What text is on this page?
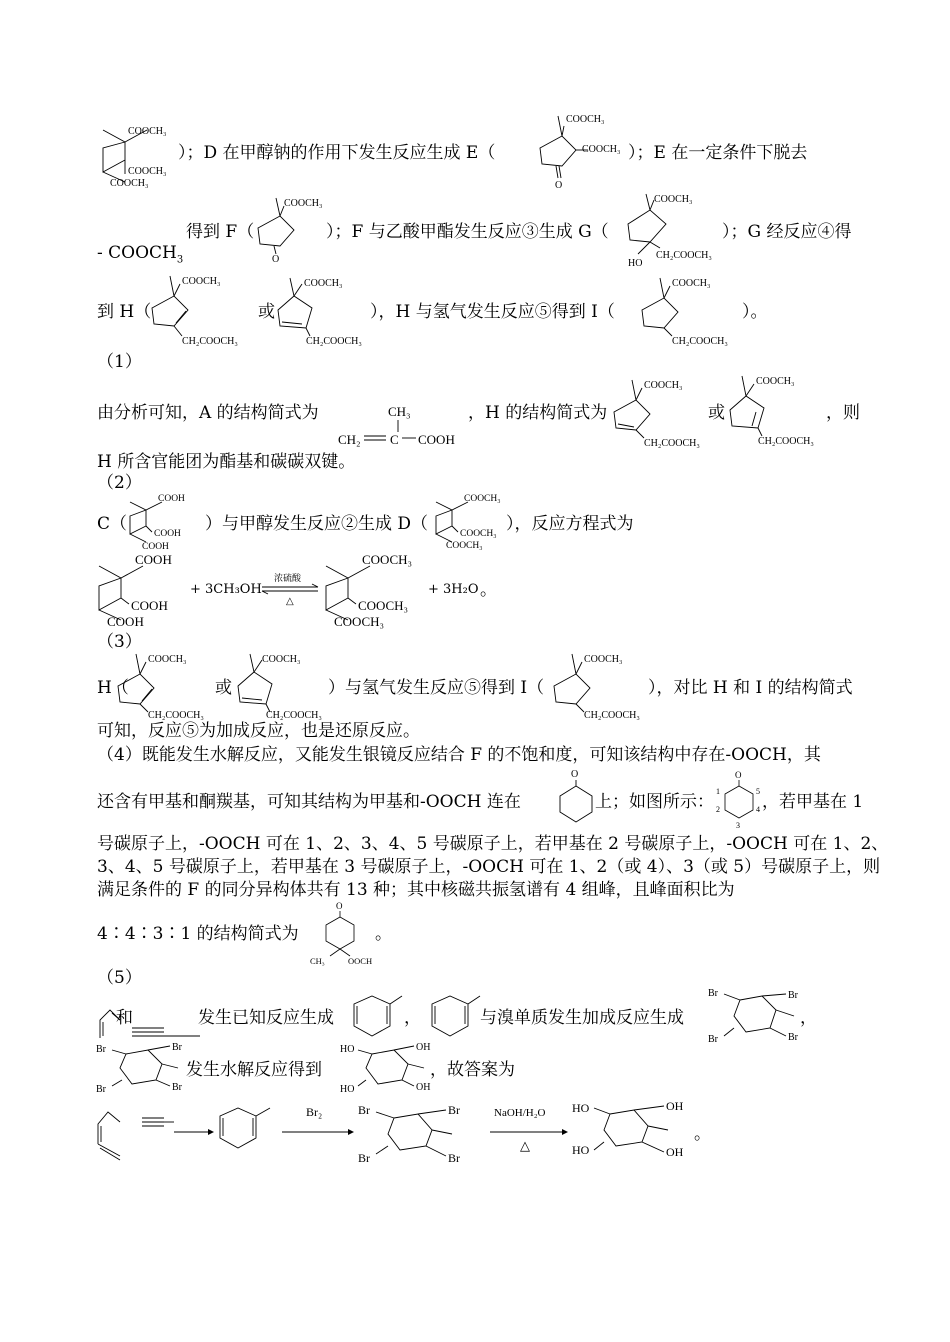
COOCH₃
COOCH₃
COOCH₃
）；D 在甲醇钠的作用下发生反应生成 E（
COOCH₃
COOCH₃
O
）；E 在一定条件下脱去
- $COOCH_3$
得到 F（
COOCH₃
O
）；F 与乙酸甲酯发生反应③生成 G（
COOCH₃
CH₂COOCH₃
HO
）；G 经反应④得
到 H（
COOCH₃
CH₂COOCH₃
或
COOCH₃
CH₂COOCH₃
），H 与氢气发生反应⑤得到 I（
COOCH₃
CH₂COOCH₃
）。
（1）
由分析可知，A 的结构简式为	CH₃
CH₂ C COOH
，H 的结构简式为
COOCH₃
CH₂COOCH₃
或
COOCH₃
CH₂COOCH₃
，则
H 所含官能团为酯基和碳碳双键。
（2）
C（
COOH
COOH
COOH
）与甲醇发生反应②生成 D（
COOCH₃
COOCH₃
COOCH₃
），反应方程式为
COOH
COOH
COOH
+ 3CH₃OH
浓硫酸
△
COOCH₃
COOCH₃
COOCH₃
+ 3H₂O 。
（3）
H（
COOCH₃
CH₂COOCH₃
或
COOCH₃
CH₂COOCH₃
）与氢气发生反应⑤得到 I（
COOCH₃
CH₂COOCH₃
），对比 H 和 I 的结构简式
可知，反应⑤为加成反应，也是还原反应。
（4）既能发生水解反应，又能发生银镜反应结合 F 的不饱和度，可知该结构中存在-OOCH，其
还含有甲基和酮羰基，可知其结构为甲基和-OOCH 连在
O
上；如图所示：
O
1
2
3
4
5
，若甲基在 1
号碳原子上，-OOCH 可在 1、2、3、4、5 号碳原子上，若甲基在 2 号碳原子上，-OOCH 可在 1、2、
3、4、5 号碳原子上，若甲基在 3 号碳原子上，-OOCH 可在 1、2（或 4）、3（或 5）号碳原子上，则
满足条件的 F 的同分异构体共有 13 种；其中核磁共振氢谱有 4 组峰，且峰面积比为
4∶4∶3∶1 的结构简式为
O
CH₃	OOCH
。
（5）
和	发生已知反应生成	，	与溴单质发生加成反应生成
Br	Br
Br	Br
，
Br	Br
Br	Br
发生水解反应得到
HO	OH
HO	OH
，故答案为
Br₂	Br	Br
Br	Br
NaOH/H₂O
△
HO	OH
HO	OH
。
